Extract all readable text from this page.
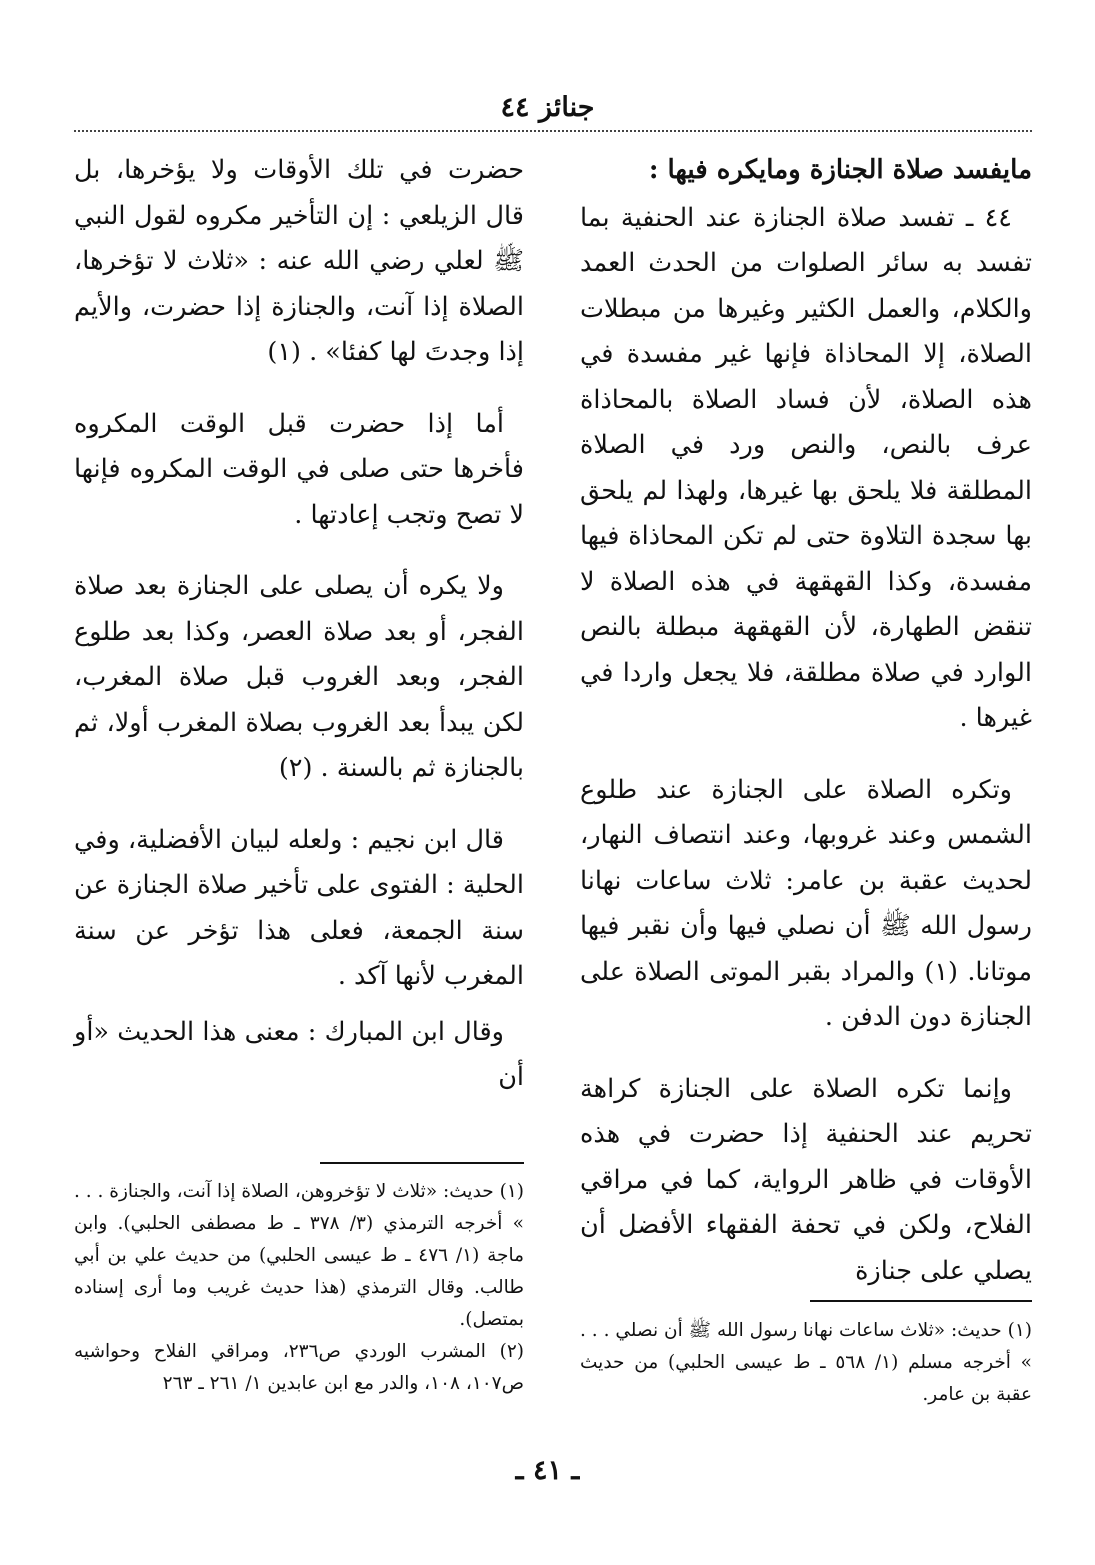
جنائز ٤٤
مايفسد صلاة الجنازة ومايكره فيها :

٤٤ ـ تفسد صلاة الجنازة عند الحنفية بما تفسد به سائر الصلوات من الحدث العمد والكلام، والعمل الكثير وغيرها من مبطلات الصلاة، إلا المحاذاة فإنها غير مفسدة في هذه الصلاة، لأن فساد الصلاة بالمحاذاة عرف بالنص، والنص ورد في الصلاة المطلقة فلا يلحق بها غيرها، ولهذا لم يلحق بها سجدة التلاوة حتى لم تكن المحاذاة فيها مفسدة، وكذا القهقهة في هذه الصلاة لا تنقض الطهارة، لأن القهقهة مبطلة بالنص الوارد في صلاة مطلقة، فلا يجعل واردا في غيرها .

وتكره الصلاة على الجنازة عند طلوع الشمس وعند غروبها، وعند انتصاف النهار، لحديث عقبة بن عامر: ثلاث ساعات نهانا رسول الله ﷺ أن نصلي فيها وأن نقبر فيها موتانا. (١) والمراد بقبر الموتى الصلاة على الجنازة دون الدفن .

وإنما تكره الصلاة على الجنازة كراهة تحريم عند الحنفية إذا حضرت في هذه الأوقات في ظاهر الرواية، كما في مراقي الفلاح، ولكن في تحفة الفقهاء الأفضل أن يصلي على جنازة

حضرت في تلك الأوقات ولا يؤخرها، بل قال الزيلعي : إن التأخير مكروه لقول النبي ﷺ لعلي رضي الله عنه : «ثلاث لا تؤخرها، الصلاة إذا آنت، والجنازة إذا حضرت، والأيم إذا وجدتَ لها كفئا» . (١)

أما إذا حضرت قبل الوقت المكروه فأخرها حتى صلى في الوقت المكروه فإنها لا تصح وتجب إعادتها .

ولا يكره أن يصلى على الجنازة بعد صلاة الفجر، أو بعد صلاة العصر، وكذا بعد طلوع الفجر، وبعد الغروب قبل صلاة المغرب، لكن يبدأ بعد الغروب بصلاة المغرب أولا، ثم بالجنازة ثم بالسنة . (٢)

قال ابن نجيم : ولعله لبيان الأفضلية، وفي الحلية : الفتوى على تأخير صلاة الجنازة عن سنة الجمعة، فعلى هذا تؤخر عن سنة المغرب لأنها آكد .

وقال ابن المبارك : معنى هذا الحديث «أو أن

(١) حديث: «ثلاث لا تؤخروهن، الصلاة إذا آنت، والجنازة . . . » أخرجه الترمذي (٣/ ٣٧٨ ـ ط مصطفى الحلبي). وابن ماجة (١/ ٤٧٦ ـ ط عيسى الحلبي) من حديث علي بن أبي طالب. وقال الترمذي (هذا حديث غريب وما أرى إسناده بمتصل).

(٢) المشرب الوردي ص٢٣٦، ومراقي الفلاح وحواشيه ص١٠٧، ١٠٨، والدر مع ابن عابدين ١/ ٢٦١ ـ ٢٦٣

(١) حديث: «ثلاث ساعات نهانا رسول الله ﷺ أن نصلي . . . » أخرجه مسلم (١/ ٥٦٨ ـ ط عيسى الحلبي) من حديث عقبة بن عامر.

ـ ٤١ ـ
